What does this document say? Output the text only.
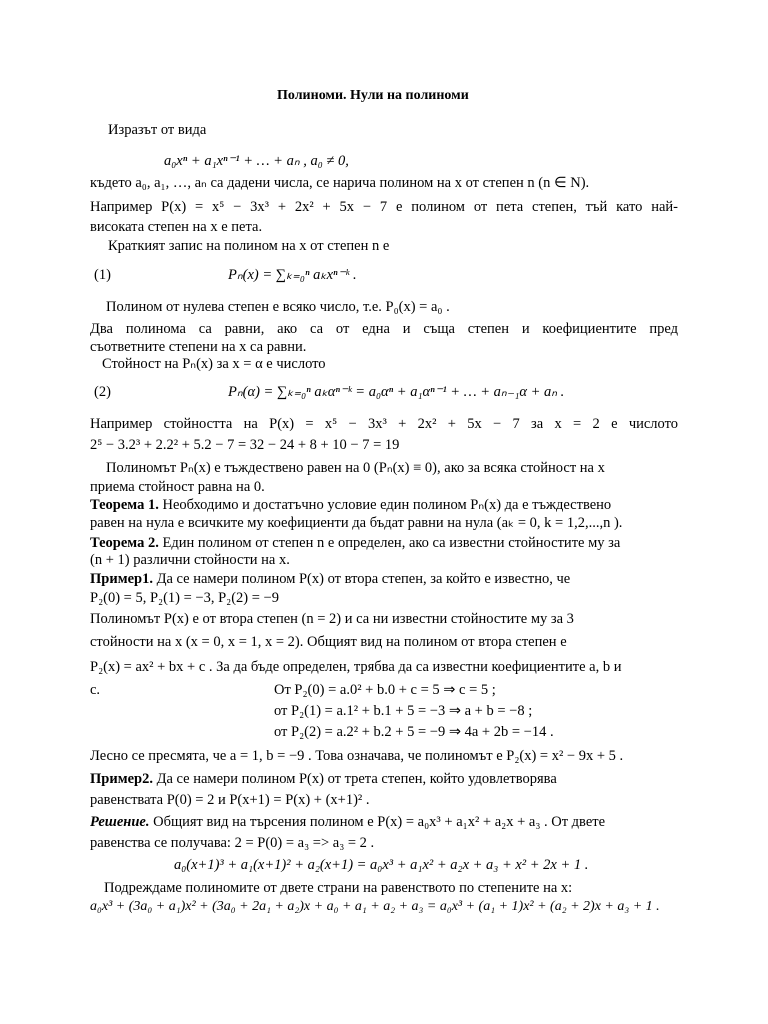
Полиноми. Нули на полиноми
Изразът от вида
a₀xⁿ + a₁xⁿ⁻¹ + … + aₙ , a₀ ≠ 0,
където a₀, a₁, …, aₙ са дадени числа, се нарича полином на x от степен n (n ∈ N).
Например P(x) = x⁵ − 3x³ + 2x² + 5x − 7 е полином от пета степен, тъй като най-
високата степен на x е пета.
Краткият запис на полином на x от степен n е
(1)	Pₙ(x) = ∑ₖ₌₀ⁿ aₖxⁿ⁻ᵏ .
Полином от нулева степен е всяко число, т.е. P₀(x) = a₀ .
Два полинома са равни, ако са от една и съща степен и коефициентите пред
съответните степени на x са равни.
Стойност на Pₙ(x) за x = α е числото
(2)	Pₙ(α) = ∑ₖ₌₀ⁿ aₖαⁿ⁻ᵏ = a₀αⁿ + a₁αⁿ⁻¹ + … + aₙ₋₁α + aₙ .
Например стойността на P(x) = x⁵ − 3x³ + 2x² + 5x − 7 за x = 2 е числото
2⁵ − 3.2³ + 2.2² + 5.2 − 7 = 32 − 24 + 8 + 10 − 7 = 19
Полиномът Pₙ(x) е тъждествено равен на 0 (Pₙ(x) ≡ 0), ако за всяка стойност на x
приема стойност равна на 0.
Теорема 1. Необходимо и достатъчно условие един полином Pₙ(x) да е тъждествено
равен на нула е всичките му коефициенти да бъдат равни на нула (aₖ = 0, k = 1,2,...,n ).
Теорема 2. Един полином от степен n е определен, ако са известни стойностите му за
(n + 1) различни стойности на x.
Пример1. Да се намери полином P(x) от втора степен, за който е известно, че
P₂(0) = 5, P₂(1) = −3, P₂(2) = −9
Полиномът P(x) е от втора степен (n = 2) и са ни известни стойностите му за 3
стойности на x (x = 0, x = 1, x = 2). Общият вид на полином от втора степен е
P₂(x) = ax² + bx + c . За да бъде определен, трябва да са известни коефициентите a, b и
c.	От P₂(0) = a.0² + b.0 + c = 5 ⇒ c = 5 ;
от P₂(1) = a.1² + b.1 + 5 = −3 ⇒ a + b = −8 ;
от P₂(2) = a.2² + b.2 + 5 = −9 ⇒ 4a + 2b = −14 .
Лесно се пресмята, че a = 1, b = −9 . Това означава, че полиномът е P₂(x) = x² − 9x + 5 .
Пример2. Да се намери полином P(x) от трета степен, който удовлетворява
равенствата P(0) = 2 и P(x+1) = P(x) + (x+1)² .
Решение. Общият вид на търсения полином е P(x) = a₀x³ + a₁x² + a₂x + a₃ . От двете
равенства се получава: 2 = P(0) = a₃ => a₃ = 2 .
a₀(x+1)³ + a₁(x+1)² + a₂(x+1) = a₀x³ + a₁x² + a₂x + a₃ + x² + 2x + 1 .
Подреждаме полиномите от двете страни на равенството по степените на x:
a₀x³ + (3a₀ + a₁)x² + (3a₀ + 2a₁ + a₂)x + a₀ + a₁ + a₂ + a₃ = a₀x³ + (a₁ + 1)x² + (a₂ + 2)x + a₃ + 1 .
